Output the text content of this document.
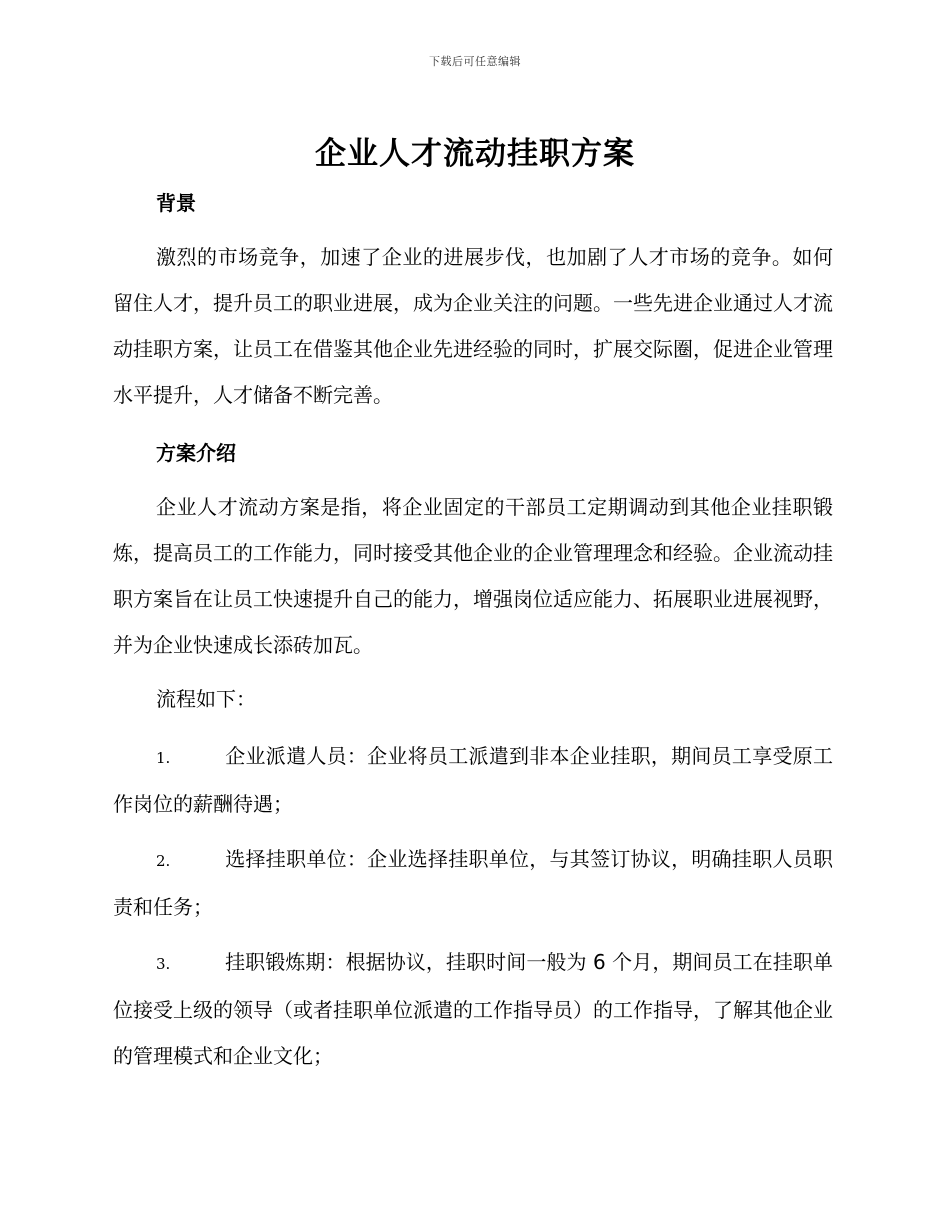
下载后可任意编辑
企业人才流动挂职方案
背景

激烈的市场竞争，加速了企业的进展步伐，也加剧了人才市场的竞争。如何留住人才，提升员工的职业进展，成为企业关注的问题。一些先进企业通过人才流动挂职方案，让员工在借鉴其他企业先进经验的同时，扩展交际圈，促进企业管理水平提升，人才储备不断完善。

方案介绍

企业人才流动方案是指，将企业固定的干部员工定期调动到其他企业挂职锻炼，提高员工的工作能力，同时接受其他企业的企业管理理念和经验。企业流动挂职方案旨在让员工快速提升自己的能力，增强岗位适应能力、拓展职业进展视野，并为企业快速成长添砖加瓦。

流程如下：

1.	企业派遣人员：企业将员工派遣到非本企业挂职，期间员工享受原工作岗位的薪酬待遇；

2.	选择挂职单位：企业选择挂职单位，与其签订协议，明确挂职人员职责和任务；

3.	挂职锻炼期：根据协议，挂职时间一般为 6 个月，期间员工在挂职单位接受上级的领导（或者挂职单位派遣的工作指导员）的工作指导，了解其他企业的管理模式和企业文化；
